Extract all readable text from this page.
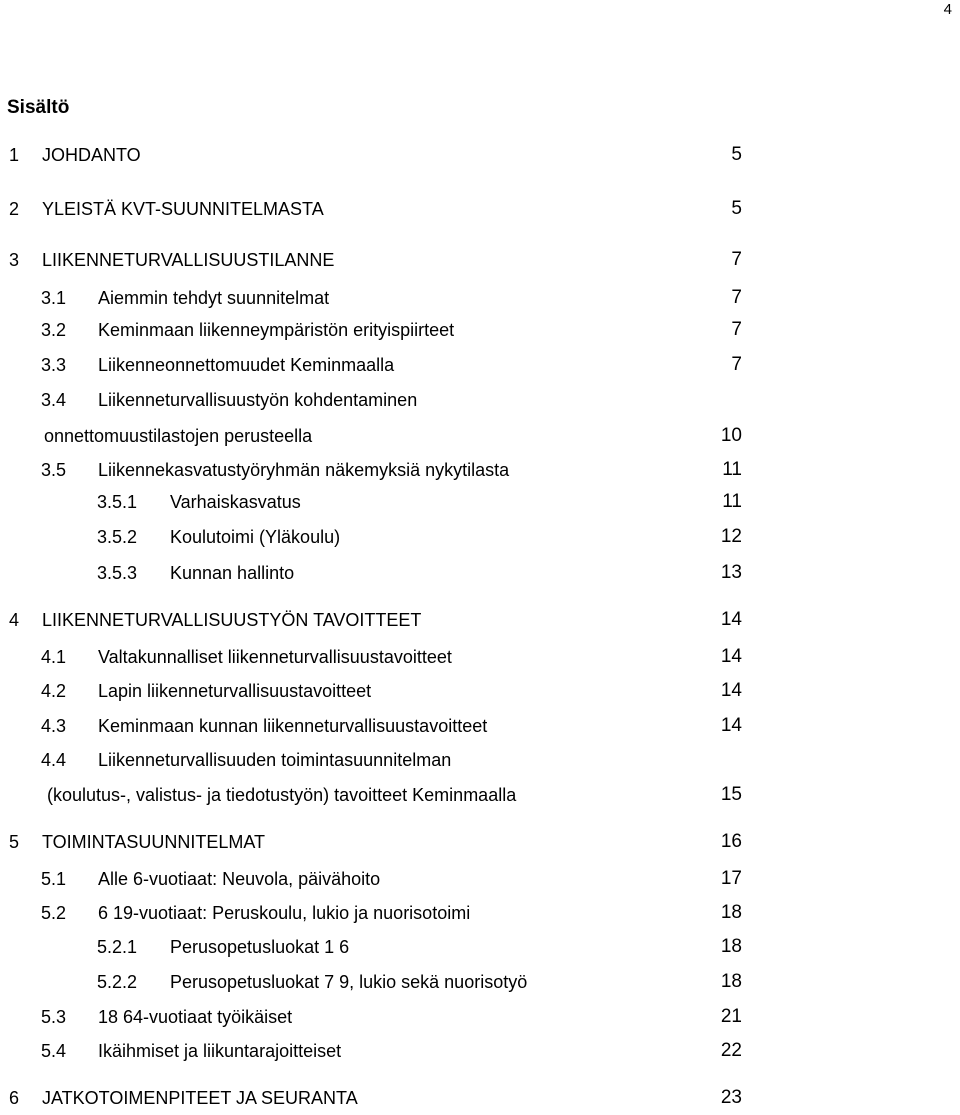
4
Sisältö
1 JOHDANTO	5
2 YLEISTÄ KVT-SUUNNITELMASTA	5
3 LIIKENNETURVALLISUUSTILANNE	7
3.1 Aiemmin tehdyt suunnitelmat	7
3.2 Keminmaan liikenneympäristön erityispiirteet	7
3.3 Liikenneonnettomuudet Keminmaalla	7
3.4 Liikenneturvallisuustyön kohdentaminen
onnettomuustilastojen perusteella	10
3.5 Liikennekasvatustyöryhmän näkemyksiä nykytilasta	11
3.5.1 Varhaiskasvatus	11
3.5.2 Koulutoimi (Yläkoulu)	12
3.5.3 Kunnan hallinto	13
4 LIIKENNETURVALLISUUSTYÖN TAVOITTEET	14
4.1 Valtakunnalliset liikenneturvallisuustavoitteet	14
4.2 Lapin liikenneturvallisuustavoitteet	14
4.3 Keminmaan kunnan liikenneturvallisuustavoitteet	14
4.4 Liikenneturvallisuuden toimintasuunnitelman
(koulutus-, valistus- ja tiedotustyön) tavoitteet Keminmaalla	15
5 TOIMINTASUUNNITELMAT	16
5.1 Alle 6-vuotiaat: Neuvola, päivähoito	17
5.2 6 19-vuotiaat: Peruskoulu, lukio ja nuorisotoimi	18
5.2.1 Perusopetusluokat 1 6	18
5.2.2 Perusopetusluokat 7 9, lukio sekä nuorisotyö	18
5.3 18 64-vuotiaat työikäiset	21
5.4 Ikäihmiset ja liikuntarajoitteiset	22
6 JATKOTOIMENPITEET JA SEURANTA	23
